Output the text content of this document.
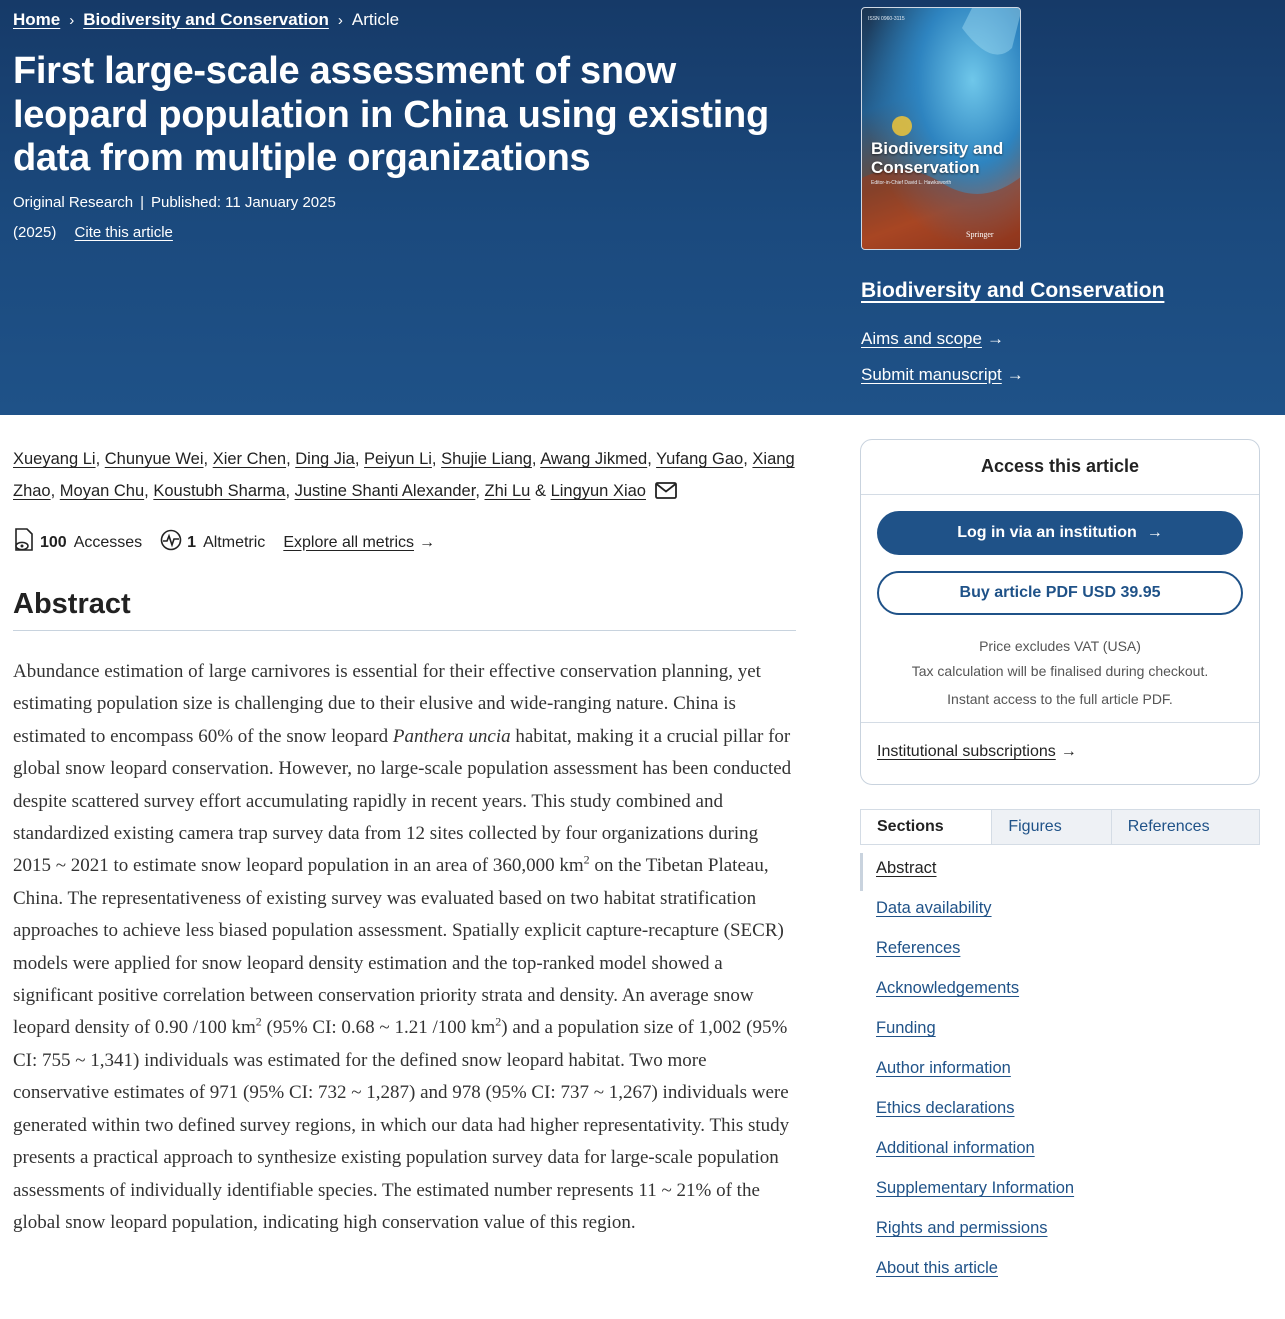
Home › Biodiversity and Conservation › Article
First large-scale assessment of snow leopard population in China using existing data from multiple organizations
Original Research | Published: 11 January 2025
(2025) Cite this article
ISSN 0960-3115
Biodiversity and Conservation
Editor-in-Chief David L. Hawksworth
Springer
Biodiversity and Conservation
Aims and scope →
Submit manuscript →
Xueyang Li, Chunyue Wei, Xier Chen, Ding Jia, Peiyun Li, Shujie Liang, Awang Jikmed, Yufang Gao, Xiang Zhao, Moyan Chu, Koustubh Sharma, Justine Shanti Alexander, Zhi Lu & Lingyun Xiao
100 Accesses	1 Altmetric Explore all metrics →
Abstract

Abundance estimation of large carnivores is essential for their effective conservation planning, yet estimating population size is challenging due to their elusive and wide-ranging nature. China is estimated to encompass 60% of the snow leopard Panthera uncia habitat, making it a crucial pillar for global snow leopard conservation. However, no large-scale population assessment has been conducted despite scattered survey effort accumulating rapidly in recent years. This study combined and standardized existing camera trap survey data from 12 sites collected by four organizations during 2015 ~ 2021 to estimate snow leopard population in an area of 360,000 $km^2$ on the Tibetan Plateau, China. The representativeness of existing survey was evaluated based on two habitat stratification approaches to achieve less biased population assessment. Spatially explicit capture-recapture (SECR) models were applied for snow leopard density estimation and the top-ranked model showed a significant positive correlation between conservation priority strata and density. An average snow leopard density of 0.90 /100 $km^2$ (95% CI: 0.68 ~ 1.21 /100 $km^2$) and a population size of 1,002 (95% CI: 755 ~ 1,341) individuals was estimated for the defined snow leopard habitat. Two more conservative estimates of 971 (95% CI: 732 ~ 1,287) and 978 (95% CI: 737 ~ 1,267) individuals were generated within two defined survey regions, in which our data had higher representativity. This study presents a practical approach to synthesize existing population survey data for large-scale population assessments of individually identifiable species. The estimated number represents 11 ~ 21% of the global snow leopard population, indicating high conservation value of this region.

Access this article
Log in via an institution →
Buy article PDF USD 39.95
Price excludes VAT (USA)
Tax calculation will be finalised during checkout.
Instant access to the full article PDF.
Institutional subscriptions →
Sections	Figures	References
Abstract
Data availability
References
Acknowledgements
Funding
Author information
Ethics declarations
Additional information
Supplementary Information
Rights and permissions
About this article
